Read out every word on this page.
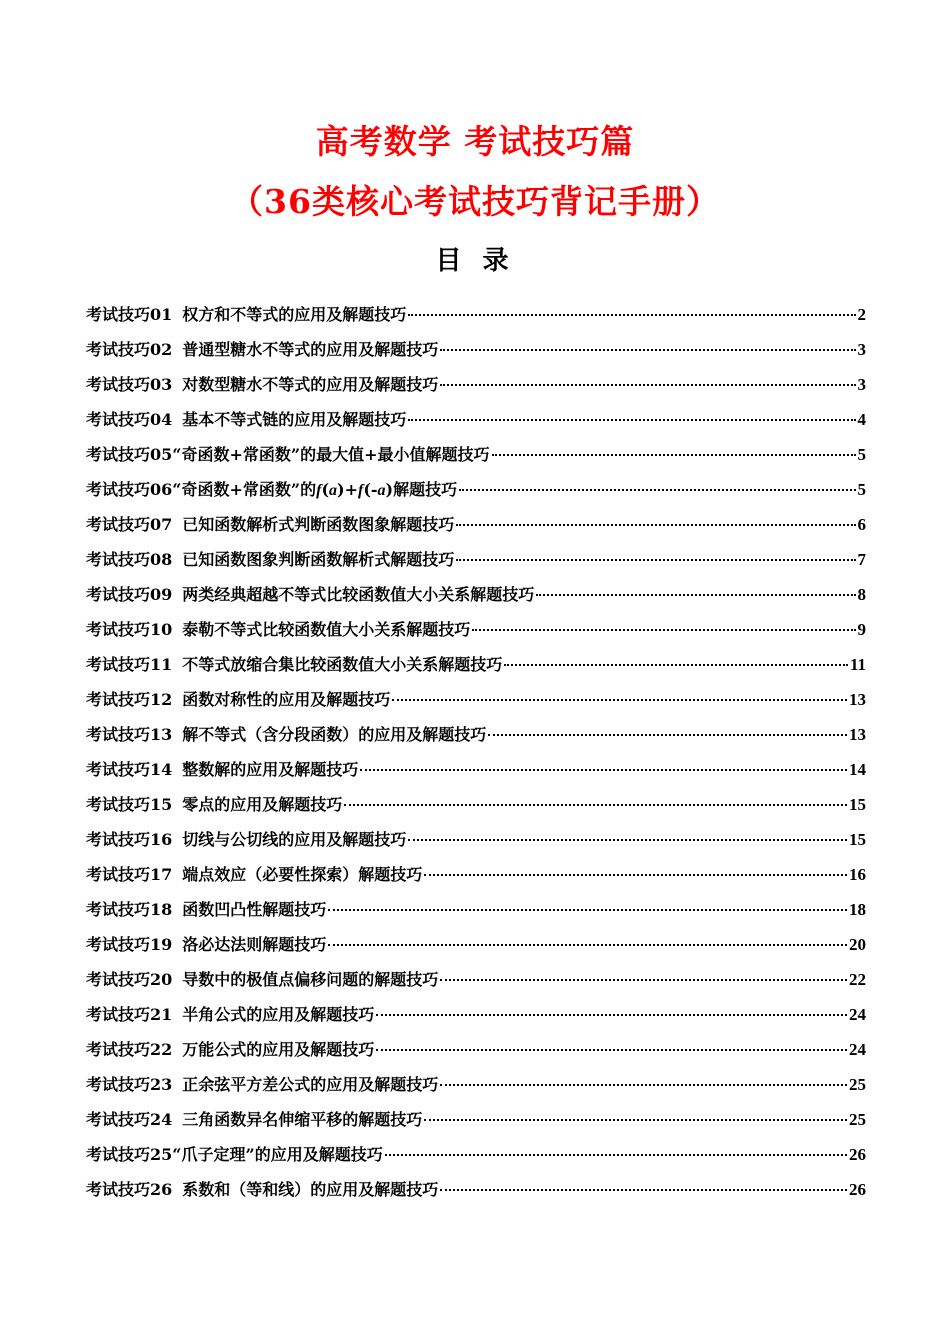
高考数学 考试技巧篇
（36类核心考试技巧背记手册）
目 录
考试技巧01 权方和不等式的应用及解题技巧	2
考试技巧02 普通型糖水不等式的应用及解题技巧	3
考试技巧03 对数型糖水不等式的应用及解题技巧	3
考试技巧04 基本不等式链的应用及解题技巧	4
考试技巧05 “奇函数+常函数”的最大值+最小值解题技巧	5
考试技巧06 “奇函数+常函数”的f(a)+f(-a)解题技巧	5
考试技巧07 已知函数解析式判断函数图象解题技巧	6
考试技巧08 已知函数图象判断函数解析式解题技巧	7
考试技巧09 两类经典超越不等式比较函数值大小关系解题技巧	8
考试技巧10 泰勒不等式比较函数值大小关系解题技巧	9
考试技巧11 不等式放缩合集比较函数值大小关系解题技巧	11
考试技巧12 函数对称性的应用及解题技巧	13
考试技巧13 解不等式（含分段函数）的应用及解题技巧	13
考试技巧14 整数解的应用及解题技巧	14
考试技巧15 零点的应用及解题技巧	15
考试技巧16 切线与公切线的应用及解题技巧	15
考试技巧17 端点效应（必要性探索）解题技巧	16
考试技巧18 函数凹凸性解题技巧	18
考试技巧19 洛必达法则解题技巧	20
考试技巧20 导数中的极值点偏移问题的解题技巧	22
考试技巧21 半角公式的应用及解题技巧	24
考试技巧22 万能公式的应用及解题技巧	24
考试技巧23 正余弦平方差公式的应用及解题技巧	25
考试技巧24 三角函数异名伸缩平移的解题技巧	25
考试技巧25 “爪子定理”的应用及解题技巧	26
考试技巧26 系数和（等和线）的应用及解题技巧	26
